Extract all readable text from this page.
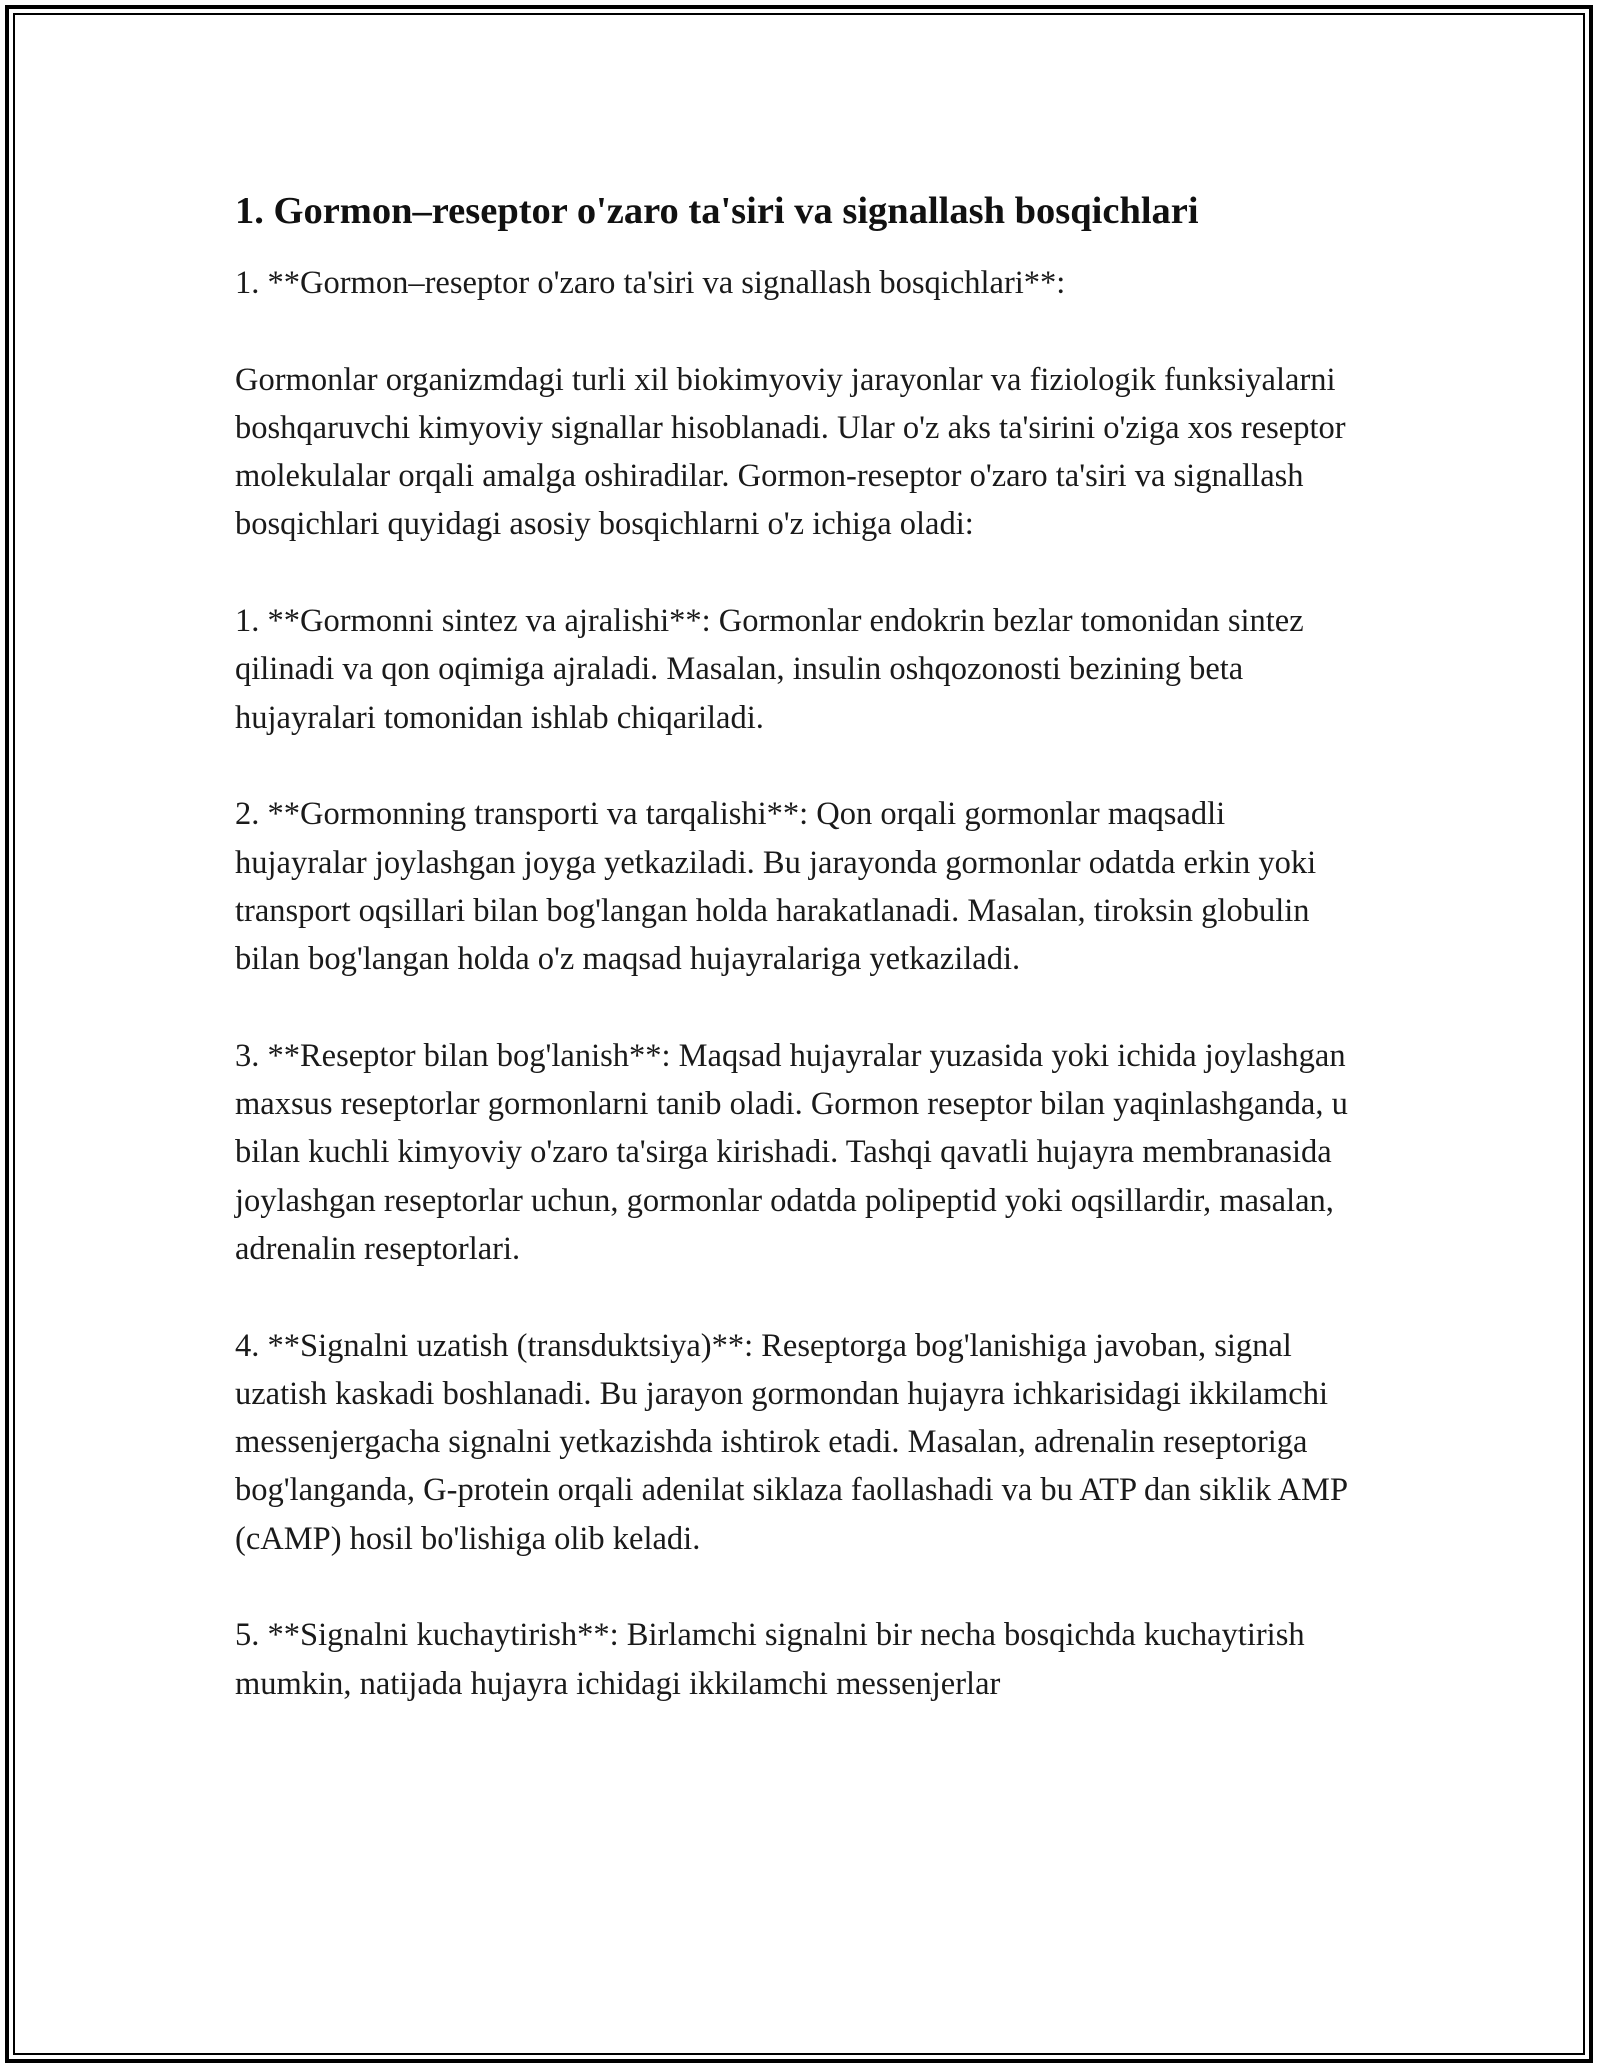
1. Gormon–reseptor o'zaro ta'siri va signallash bosqichlari

1. **Gormon–reseptor o'zaro ta'siri va signallash bosqichlari**:

Gormonlar organizmdagi turli xil biokimyoviy jarayonlar va fiziologik funksiyalarni boshqaruvchi kimyoviy signallar hisoblanadi. Ular o'z aks ta'sirini o'ziga xos reseptor molekulalar orqali amalga oshiradilar. Gormon-reseptor o'zaro ta'siri va signallash bosqichlari quyidagi asosiy bosqichlarni o'z ichiga oladi:

1. **Gormonni sintez va ajralishi**: Gormonlar endokrin bezlar tomonidan sintez qilinadi va qon oqimiga ajraladi. Masalan, insulin oshqozonosti bezining beta hujayralari tomonidan ishlab chiqariladi.

2. **Gormonning transporti va tarqalishi**: Qon orqali gormonlar maqsadli hujayralar joylashgan joyga yetkaziladi. Bu jarayonda gormonlar odatda erkin yoki transport oqsillari bilan bog'langan holda harakatlanadi. Masalan, tiroksin globulin bilan bog'langan holda o'z maqsad hujayralariga yetkaziladi.

3. **Reseptor bilan bog'lanish**: Maqsad hujayralar yuzasida yoki ichida joylashgan maxsus reseptorlar gormonlarni tanib oladi. Gormon reseptor bilan yaqinlashganda, u bilan kuchli kimyoviy o'zaro ta'sirga kirishadi. Tashqi qavatli hujayra membranasida joylashgan reseptorlar uchun, gormonlar odatda polipeptid yoki oqsillardir, masalan, adrenalin reseptorlari.

4. **Signalni uzatish (transduktsiya)**: Reseptorga bog'lanishiga javoban, signal uzatish kaskadi boshlanadi. Bu jarayon gormondan hujayra ichkarisidagi ikkilamchi messenjergacha signalni yetkazishda ishtirok etadi. Masalan, adrenalin reseptoriga bog'langanda, G-protein orqali adenilat siklaza faollashadi va bu ATP dan siklik AMP (cAMP) hosil bo'lishiga olib keladi.

5. **Signalni kuchaytirish**: Birlamchi signalni bir necha bosqichda kuchaytirish mumkin, natijada hujayra ichidagi ikkilamchi messenjerlar
